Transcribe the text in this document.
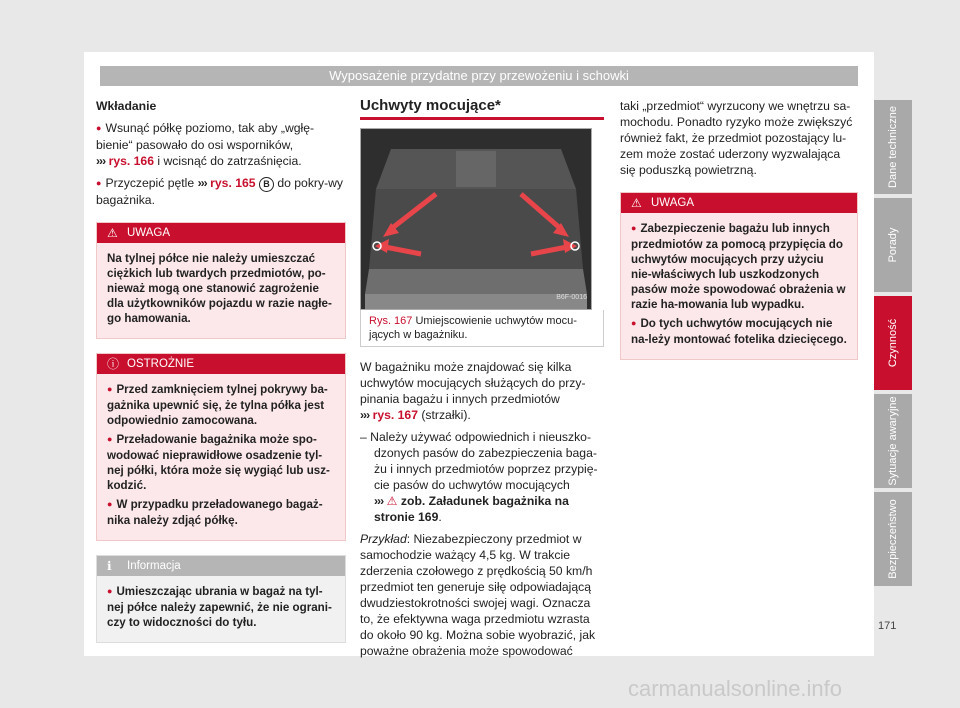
Wyposażenie przydatne przy przewożeniu i schowki

Wkładanie

● Wsunąć półkę poziomo, tak aby „wgłę-bienie“ pasowało do osi wsporników,
››› rys. 166 i wcisnąć do zatrzaśnięcia.

● Przyczepić pętle ››› rys. 165 B do pokry-wy bagażnika.

⚠ UWAGA

Na tylnej półce nie należy umieszczać ciężkich lub twardych przedmiotów, po-nieważ mogą one stanowić zagrożenie dla użytkowników pojazdu w razie nagłe-go hamowania.

ⓘ OSTROŻNIE

● Przed zamknięciem tylnej pokrywy ba-gażnika upewnić się, że tylna półka jest odpowiednio zamocowana.

● Przeładowanie bagażnika może spo-wodować nieprawidłowe osadzenie tyl-nej półki, która może się wygiąć lub usz-kodzić.

● W przypadku przeładowanego bagaż-nika należy zdjąć półkę.

ℹ Informacja

● Umieszczając ubrania w bagaż na tyl-nej półce należy zapewnić, że nie ograni-czy to widoczności do tyłu.

Uchwyty mocujące*
B6F-0016
Rys. 167 Umiejscowienie uchwytów mocu-jących w bagażniku.

W bagażniku może znajdować się kilka uchwytów mocujących służących do przy-pinania bagażu i innych przedmiotów
››› rys. 167 (strzałki).

– Należy używać odpowiednich i nieuszko-dzonych pasów do zabezpieczenia baga-żu i innych przedmiotów poprzez przypię-cie pasów do uchwytów mocujących
››› ⚠ zob. Załadunek bagażnika na stronie 169.

Przykład: Niezabezpieczony przedmiot w samochodzie ważący 4,5 kg. W trakcie zderzenia czołowego z prędkością 50 km/h przedmiot ten generuje siłę odpowiadającą dwudziestokrotności swojej wagi. Oznacza to, że efektywna waga przedmiotu wzrasta do około 90 kg. Można sobie wyobrazić, jak poważne obrażenia może spowodować

taki „przedmiot“ wyrzucony we wnętrzu sa-mochodu. Ponadto ryzyko może zwiększyć również fakt, że przedmiot pozostający lu-zem może zostać uderzony wyzwalająca się poduszką powietrzną.

⚠ UWAGA

● Zabezpieczenie bagażu lub innych przedmiotów za pomocą przypięcia do uchwytów mocujących przy użyciu nie-właściwych lub uszkodzonych pasów może spowodować obrażenia w razie ha-mowania lub wypadku.

● Do tych uchwytów mocujących nie na-leży montować fotelika dziecięcego.

Dane techniczne
Porady
Czynność
Sytuacje awaryjne
Bezpieczeństwo
171
carmanualsonline.info
